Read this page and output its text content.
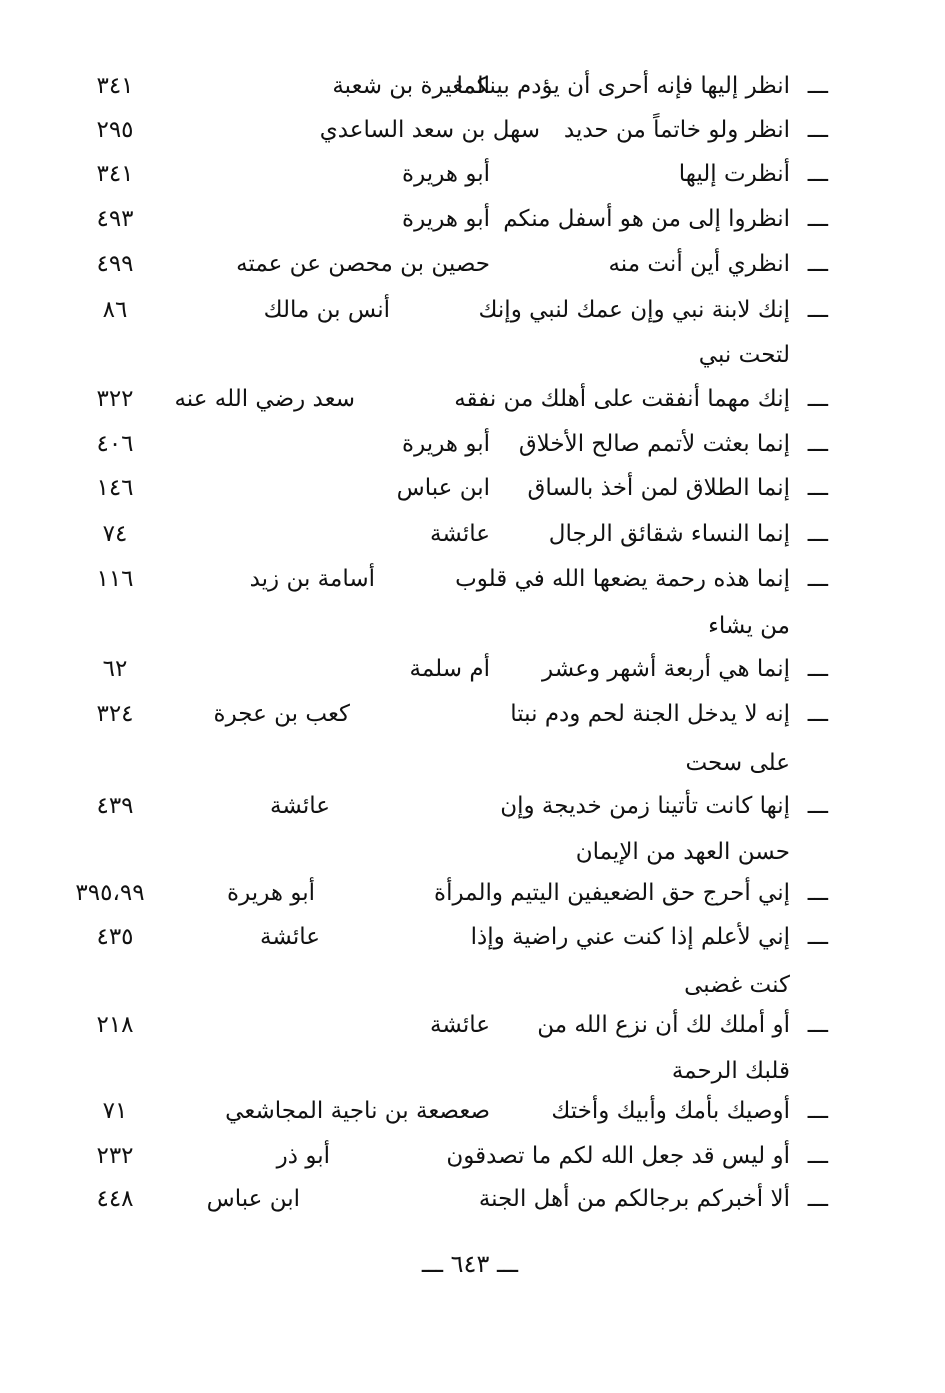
ـــ
انظر إليها فإنه أحرى أن يؤدم بينكما
المغيرة بن شعبة
٣٤١
ـــ
انظر ولو خاتماً من حديد
سهل بن سعد الساعدي
٢٩٥
ـــ
أنظرت إليها
أبو هريرة
٣٤١
ـــ
انظروا إلى من هو أسفل منكم
أبو هريرة
٤٩٣
ـــ
انظري أين أنت منه
حصين بن محصن عن عمته
٤٩٩
ـــ
إنك لابنة نبي وإن عمك لنبي وإنك
أنس بن مالك
٨٦
لتحت نبي
ـــ
إنك مهما أنفقت على أهلك من نفقه
سعد رضي الله عنه
٣٢٢
ـــ
إنما بعثت لأتمم صالح الأخلاق
أبو هريرة
٤٠٦
ـــ
إنما الطلاق لمن أخذ بالساق
ابن عباس
١٤٦
ـــ
إنما النساء شقائق الرجال
عائشة
٧٤
ـــ
إنما هذه رحمة يضعها الله في قلوب
أسامة بن زيد
١١٦
من يشاء
ـــ
إنما هي أربعة أشهر وعشر
أم سلمة
٦٢
ـــ
إنه لا يدخل الجنة لحم ودم نبتا
كعب بن عجرة
٣٢٤
على سحت
ـــ
إنها كانت تأتينا زمن خديجة وإن
عائشة
٤٣٩
حسن العهد من الإيمان
ـــ
إني أحرج حق الضعيفين اليتيم والمرأة
أبو هريرة
٣٩٥،٩٩
ـــ
إني لأعلم إذا كنت عني راضية وإذا
عائشة
٤٣٥
كنت غضبى
ـــ
أو أملك لك أن نزع الله من
عائشة
٢١٨
قلبك الرحمة
ـــ
أوصيك بأمك وأبيك وأختك
صعصعة بن ناجية المجاشعي
٧١
ـــ
أو ليس قد جعل الله لكم ما تصدقون
أبو ذر
٢٣٢
ـــ
ألا أخبركم برجالكم من أهل الجنة
ابن عباس
٤٤٨
ـــ ٦٤٣ ـــ
